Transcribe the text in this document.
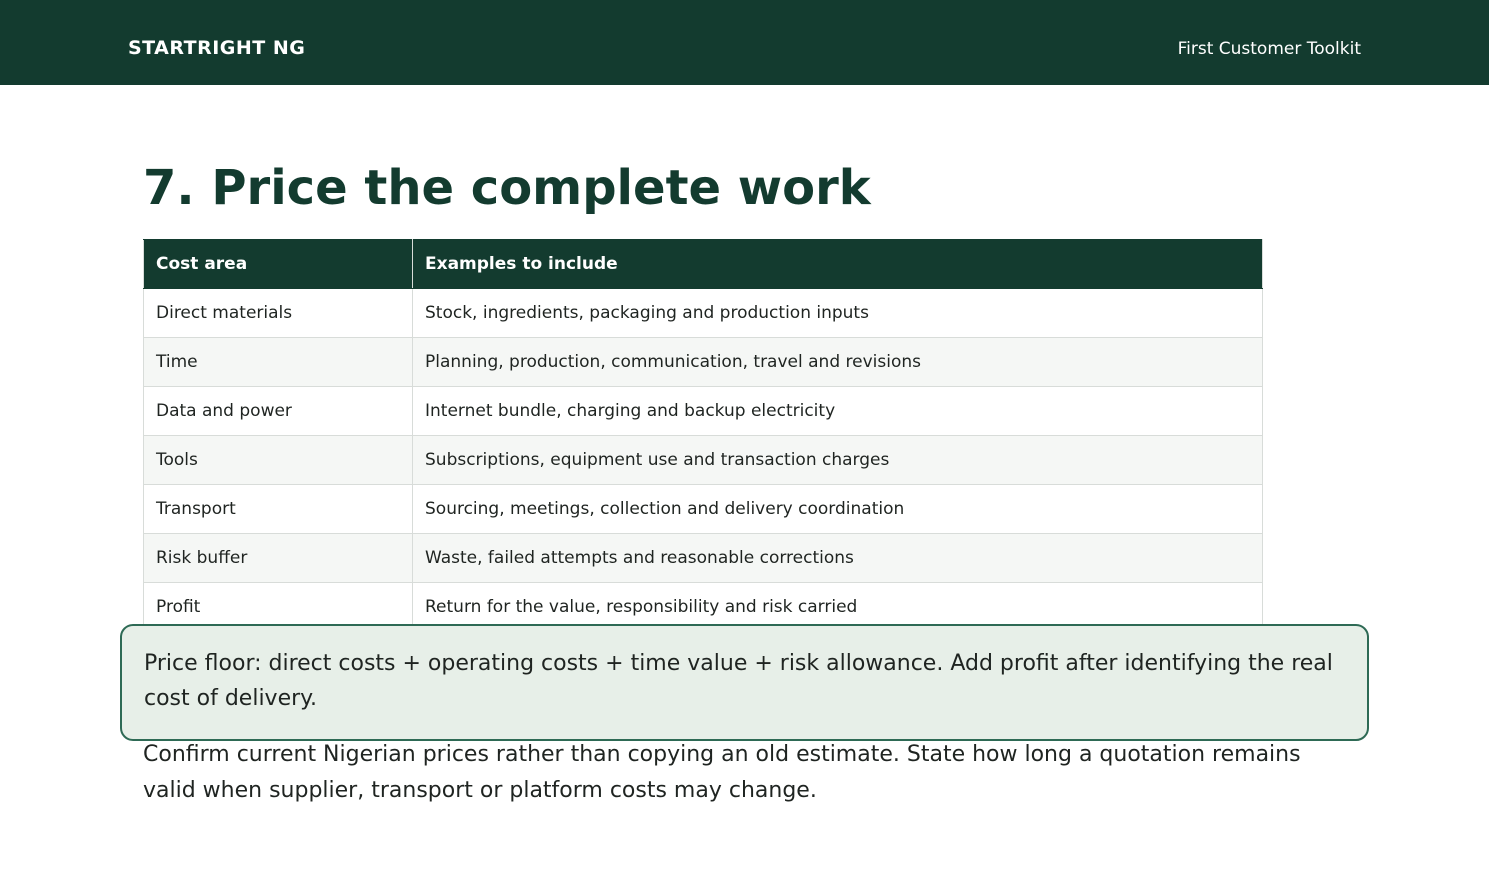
STARTRIGHT NG	First Customer Toolkit
7. Price the complete work
Cost area	Examples to include
Direct materials	Stock, ingredients, packaging and production inputs
Time	Planning, production, communication, travel and revisions
Data and power	Internet bundle, charging and backup electricity
Tools	Subscriptions, equipment use and transaction charges
Transport	Sourcing, meetings, collection and delivery coordination
Risk buffer	Waste, failed attempts and reasonable corrections
Profit	Return for the value, responsibility and risk carried

Price floor: direct costs + operating costs + time value + risk allowance. Add profit after identifying the real cost of delivery.

Confirm current Nigerian prices rather than copying an old estimate. State how long a quotation remains valid when supplier, transport or platform costs may change.
